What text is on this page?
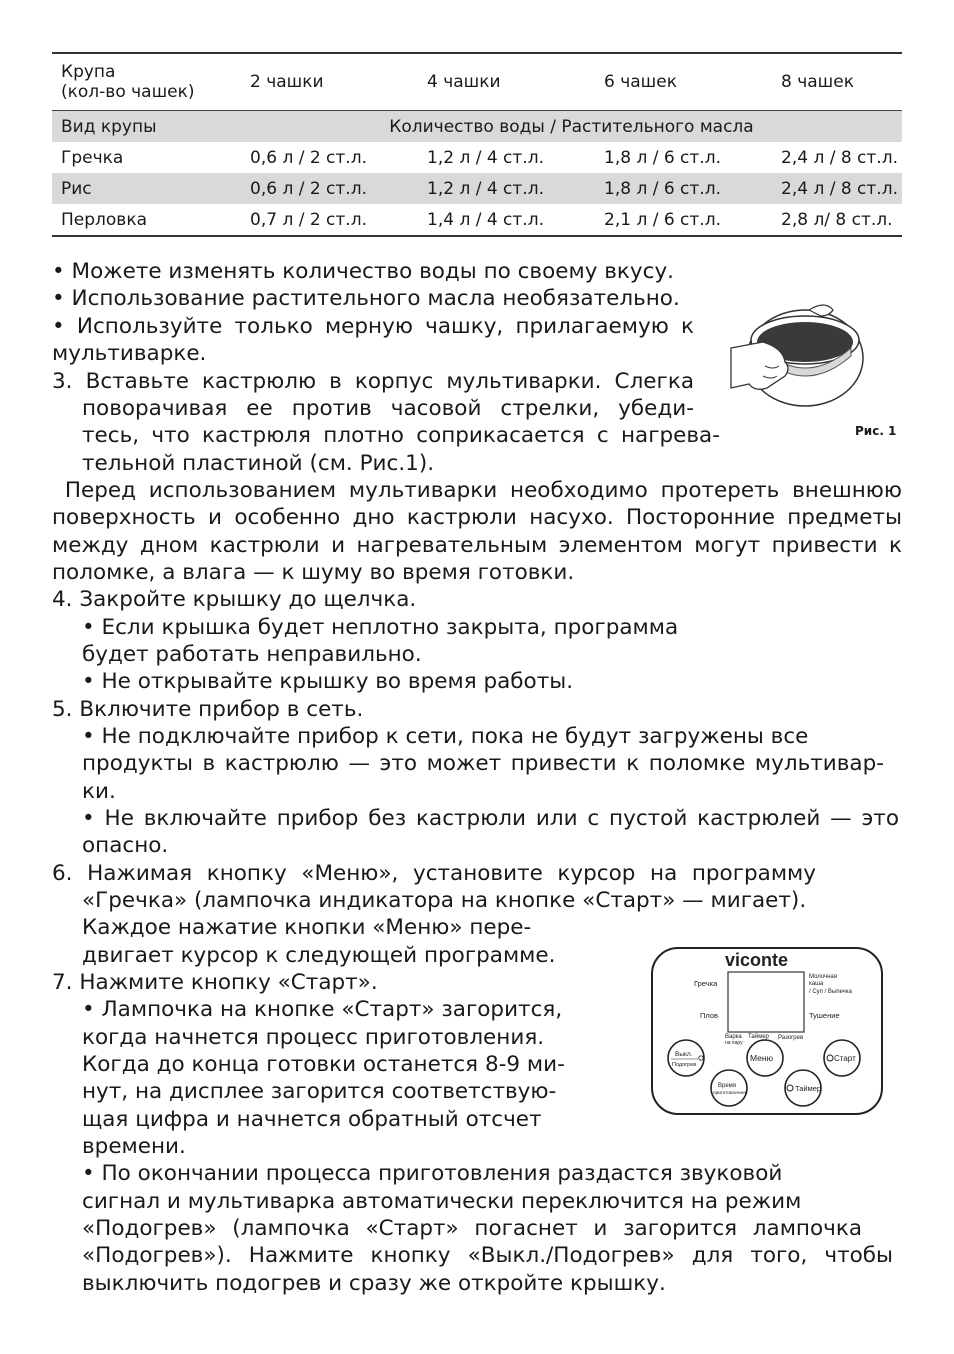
Крупа
(кол-во чашек)	2 чашки	4 чашки	6 чашек	8 чашек
Вид крупы	Количество воды / Растительного масла			
Гречка	0,6 л / 2 ст.л.	1,2 л / 4 ст.л.	1,8 л / 6 ст.л.	2,4 л / 8 ст.л.
Рис	0,6 л / 2 ст.л.	1,2 л / 4 ст.л.	1,8 л / 6 ст.л.	2,4 л / 8 ст.л.
Перловка	0,7 л / 2 ст.л.	1,4 л / 4 ст.л.	2,1 л / 6 ст.л.	2,8 л/ 8 ст.л.
• Можете изменять количество воды по своему вкусу.
• Использование растительного масла необязательно.
• Используйте только мерную чашку, прилагаемую к
мультиварке.
3. Вставьте кастрюлю в корпус мультиварки. Слегка
поворачивая ее против часовой стрелки, убеди-
тесь, что кастрюля плотно соприкасается с нагрева-
тельной пластиной (см. Рис.1).
Перед использованием мультиварки необходимо протереть внешнюю
поверхность и особенно дно кастрюли насухо. Посторонние предметы
между дном кастрюли и нагревательным элементом могут привести к
поломке, а влага — к шуму во время готовки.
4. Закройте крышку до щелчка.
• Если крышка будет неплотно закрыта, программа
будет работать неправильно.
• Не открывайте крышку во время работы.
5. Включите прибор в сеть.
• Не подключайте прибор к сети, пока не будут загружены все
продукты в кастрюлю — это может привести к поломке мультивар-
ки.
• Не включайте прибор без кастрюли или с пустой кастрюлей — это
опасно.
6. Нажимая кнопку «Меню», установите курсор на программу
«Гречка» (лампочка индикатора на кнопке «Старт» — мигает).
Каждое нажатие кнопки «Меню» пере-
двигает курсор к следующей программе.
7. Нажмите кнопку «Старт».
• Лампочка на кнопке «Старт» загорится,
когда начнется процесс приготовления.
Когда до конца готовки останется 8-9 ми-
нут, на дисплее загорится соответствую-
щая цифра и начнется обратный отсчет
времени.
• По окончании процесса приготовления раздастся звуковой
сигнал и мультиварка автоматически переключится на режим
«Подогрев» (лампочка «Старт» погаснет и загорится лампочка
«Подогрев»). Нажмите кнопку «Выкл./Подогрев» для того, чтобы
выключить подогрев и сразу же откройте крышку.
Рис. 1
viconte
Гречка
Молочная
каша
/ Суп / Выпечка
Плов	Тушение
Варка
на пару
Таймер Разогрев
Выкл.
Подогрев
Меню	Старт
Время
приготовления
Таймер
